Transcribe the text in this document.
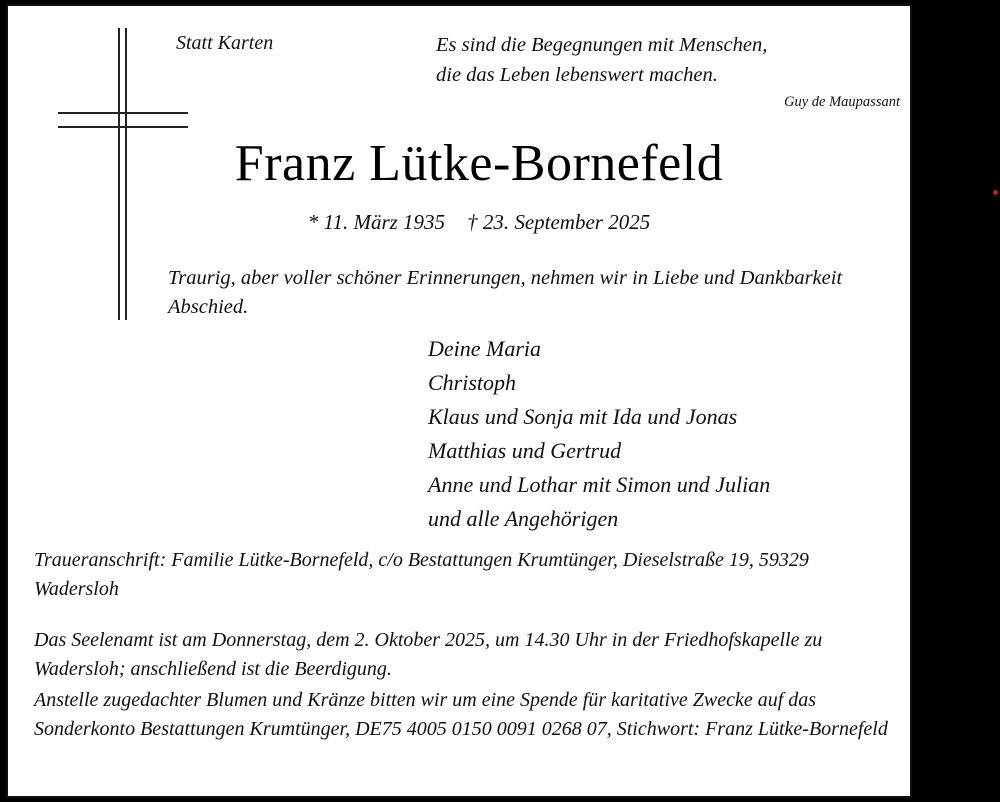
Statt Karten	Es sind die Begegnungen mit Menschen,
die das Leben lebenswert machen.
Guy de Maupassant
Franz Lütke-Bornefeld
* 11. März 1935 † 23. September 2025
Traurig, aber voller schöner Erinnerungen, nehmen wir in Liebe und Dankbarkeit Abschied.
Deine Maria
Christoph
Klaus und Sonja mit Ida und Jonas
Matthias und Gertrud
Anne und Lothar mit Simon und Julian
und alle Angehörigen
Traueranschrift: Familie Lütke-Bornefeld, c/o Bestattungen Krumtünger, Dieselstraße 19, 59329 Wadersloh
Das Seelenamt ist am Donnerstag, dem 2. Oktober 2025, um 14.30 Uhr in der Friedhofskapelle zu Wadersloh; anschließend ist die Beerdigung.
Anstelle zugedachter Blumen und Kränze bitten wir um eine Spende für karitative Zwecke auf das Sonderkonto Bestattungen Krumtünger, DE75 4005 0150 0091 0268 07, Stichwort: Franz Lütke-Bornefeld
